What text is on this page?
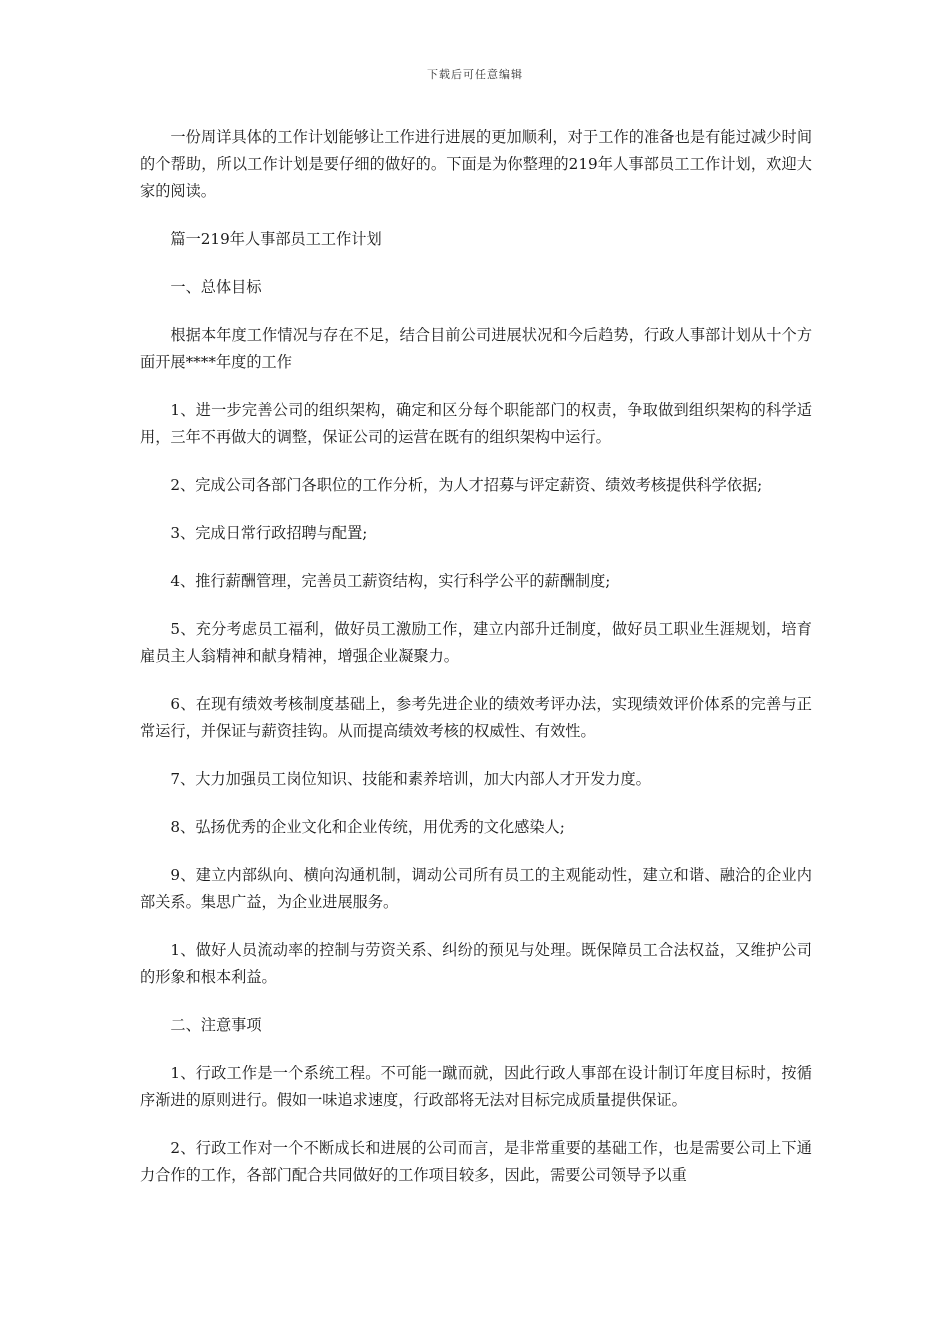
下载后可任意编辑

一份周详具体的工作计划能够让工作进行进展的更加顺利，对于工作的准备也是有能过减少时间的个帮助，所以工作计划是要仔细的做好的。下面是为你整理的219年人事部员工工作计划，欢迎大家的阅读。

篇一219年人事部员工工作计划

一、总体目标

根据本年度工作情况与存在不足，结合目前公司进展状况和今后趋势，行政人事部计划从十个方面开展****年度的工作

1、进一步完善公司的组织架构，确定和区分每个职能部门的权责，争取做到组织架构的科学适用，三年不再做大的调整，保证公司的运营在既有的组织架构中运行。

2、完成公司各部门各职位的工作分析，为人才招募与评定薪资、绩效考核提供科学依据;

3、完成日常行政招聘与配置;

4、推行薪酬管理，完善员工薪资结构，实行科学公平的薪酬制度;

5、充分考虑员工福利，做好员工激励工作，建立内部升迁制度，做好员工职业生涯规划，培育雇员主人翁精神和献身精神，增强企业凝聚力。

6、在现有绩效考核制度基础上，参考先进企业的绩效考评办法，实现绩效评价体系的完善与正常运行，并保证与薪资挂钩。从而提高绩效考核的权威性、有效性。

7、大力加强员工岗位知识、技能和素养培训，加大内部人才开发力度。

8、弘扬优秀的企业文化和企业传统，用优秀的文化感染人;

9、建立内部纵向、横向沟通机制，调动公司所有员工的主观能动性，建立和谐、融洽的企业内部关系。集思广益，为企业进展服务。

1、做好人员流动率的控制与劳资关系、纠纷的预见与处理。既保障员工合法权益，又维护公司的形象和根本利益。

二、注意事项

1、行政工作是一个系统工程。不可能一蹴而就，因此行政人事部在设计制订年度目标时，按循序渐进的原则进行。假如一味追求速度，行政部将无法对目标完成质量提供保证。

2、行政工作对一个不断成长和进展的公司而言，是非常重要的基础工作，也是需要公司上下通力合作的工作，各部门配合共同做好的工作项目较多，因此，需要公司领导予以重
